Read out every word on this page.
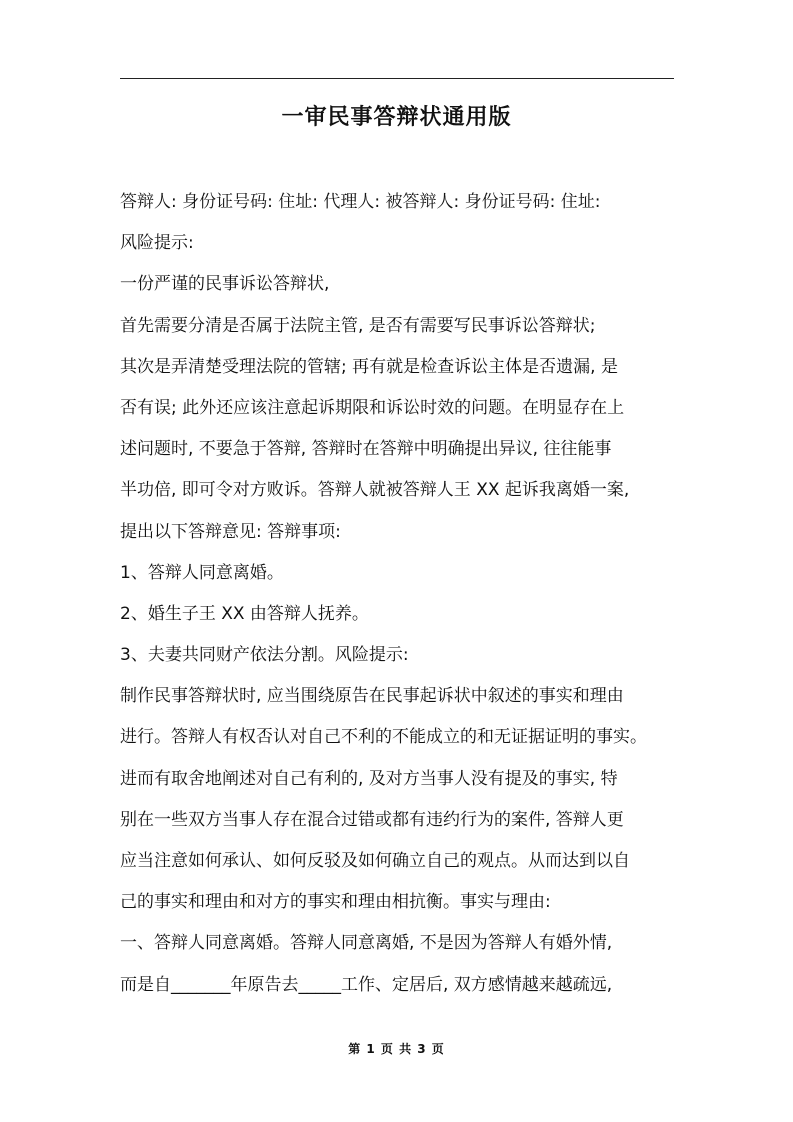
一审民事答辩状通用版
答辩人: 身份证号码: 住址: 代理人: 被答辩人: 身份证号码: 住址:
风险提示:
一份严谨的民事诉讼答辩状,
首先需要分清是否属于法院主管, 是否有需要写民事诉讼答辩状;
其次是弄清楚受理法院的管辖; 再有就是检查诉讼主体是否遗漏, 是
否有误; 此外还应该注意起诉期限和诉讼时效的问题。在明显存在上
述问题时, 不要急于答辩, 答辩时在答辩中明确提出异议, 往往能事
半功倍, 即可令对方败诉。答辩人就被答辩人王 XX 起诉我离婚一案,
提出以下答辩意见: 答辩事项:
1、答辩人同意离婚。
2、婚生子王 XX 由答辩人抚养。
3、夫妻共同财产依法分割。风险提示:
制作民事答辩状时, 应当围绕原告在民事起诉状中叙述的事实和理由
进行。答辩人有权否认对自己不利的不能成立的和无证据证明的事实。
进而有取舍地阐述对自己有利的, 及对方当事人没有提及的事实, 特
别在一些双方当事人存在混合过错或都有违约行为的案件, 答辩人更
应当注意如何承认、如何反驳及如何确立自己的观点。从而达到以自
己的事实和理由和对方的事实和理由相抗衡。事实与理由:
一、答辩人同意离婚。答辩人同意离婚, 不是因为答辩人有婚外情,
而是自_______年原告去_____工作、定居后, 双方感情越来越疏远,
第 1 页 共 3 页
